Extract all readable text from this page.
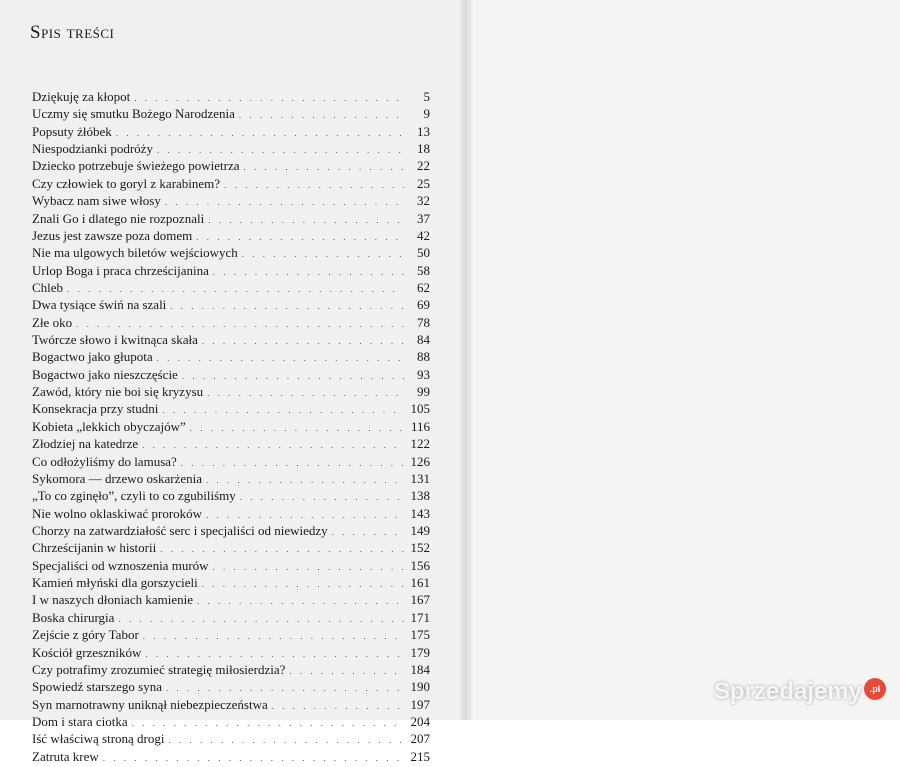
Spis treści
Dziękuję za kłopot . . .	5
Uczmy się smutku Bożego Narodzenia . . .	9
Popsuty żłóbek . . .	13
Niespodzianki podróży . . .	18
Dziecko potrzebuje świeżego powietrza . . .	22
Czy człowiek to goryl z karabinem? . . .	25
Wybacz nam siwe włosy . . .	32
Znali Go i dlatego nie rozpoznali . . .	37
Jezus jest zawsze poza domem . . .	42
Nie ma ulgowych biletów wejściowych . . .	50
Urlop Boga i praca chrześcijanina . . .	58
Chleb . . .	62
Dwa tysiące świń na szali . . .	69
Złe oko . . .	78
Twórcze słowo i kwitnąca skała . . .	84
Bogactwo jako głupota . . .	88
Bogactwo jako nieszczęście . . .	93
Zawód, który nie boi się kryzysu . . .	99
Konsekracja przy studni . . .	105
Kobieta „lekkich obyczajów” . . .	116
Złodziej na katedrze . . .	122
Co odłożyliśmy do lamusa? . . .	126
Sykomora — drzewo oskarżenia . . .	131
„To co zginęło”, czyli to co zgubiliśmy . . .	138
Nie wolno oklaskiwać proroków . . .	143
Chorzy na zatwardziałość serc i specjaliści od niewiedzy . . .	149
Chrześcijanin w historii . . .	152
Specjaliści od wznoszenia murów . . .	156
Kamień młyński dla gorszycieli . . .	161
I w naszych dłoniach kamienie . . .	167
Boska chirurgia . . .	171
Zejście z góry Tabor . . .	175
Kościół grzeszników . . .	179
Czy potrafimy zrozumieć strategię miłosierdzia? . . .	184
Spowiedź starszego syna . . .	190
Syn marnotrawny uniknął niebezpieczeństwa . . .	197
Dom i stara ciotka . . .	204
Iść właściwą stroną drogi . . .	207
Zatruta krew . . .	215
Sprzedajemy .pl
